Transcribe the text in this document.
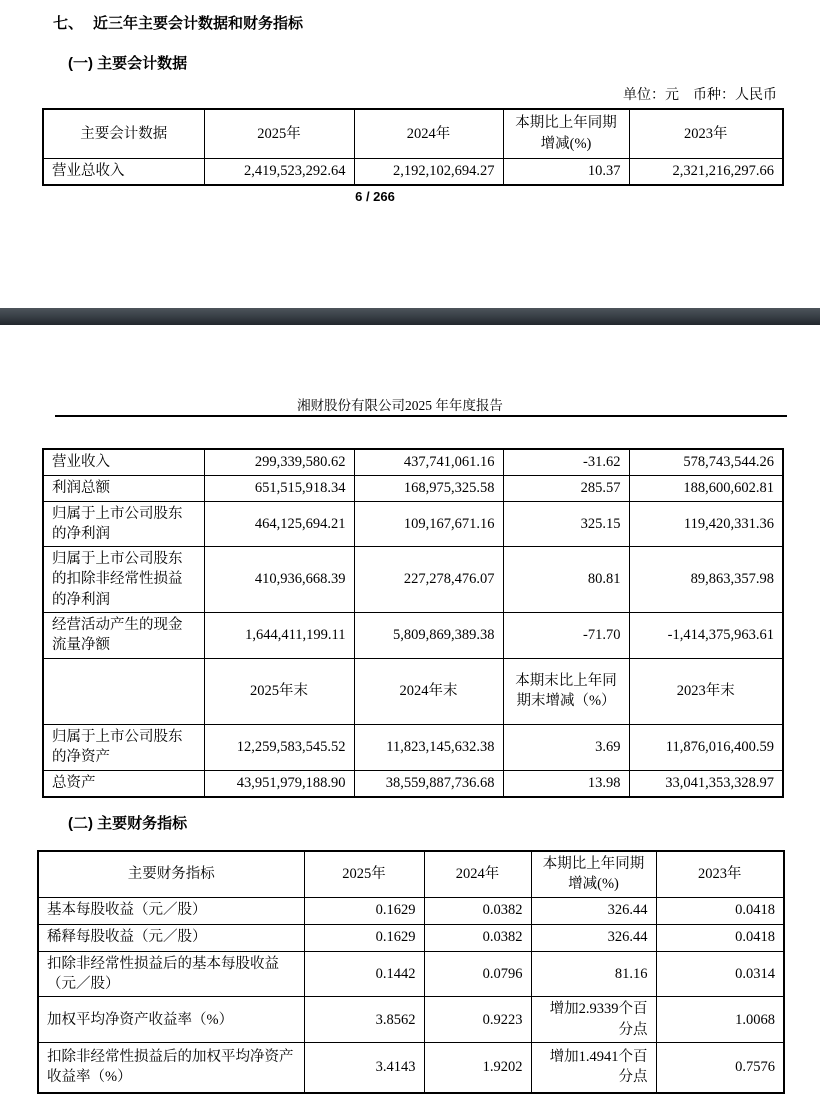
七、 近三年主要会计数据和财务指标
(一) 主要会计数据
单位：元　币种：人民币
主要会计数据	2025年	2024年	本期比上年同期增减(%)	2023年
营业总收入	2,419,523,292.64	2,192,102,694.27	10.37	2,321,216,297.66
6 / 266
湘财股份有限公司2025 年年度报告
营业收入	299,339,580.62	437,741,061.16	-31.62	578,743,544.26
利润总额	651,515,918.34	168,975,325.58	285.57	188,600,602.81
归属于上市公司股东的净利润	464,125,694.21	109,167,671.16	325.15	119,420,331.36
归属于上市公司股东的扣除非经常性损益的净利润	410,936,668.39	227,278,476.07	80.81	89,863,357.98
经营活动产生的现金流量净额	1,644,411,199.11	5,809,869,389.38	-71.70	-1,414,375,963.61
	2025年末	2024年末	本期末比上年同期末增减（%）	2023年末
归属于上市公司股东的净资产	12,259,583,545.52	11,823,145,632.38	3.69	11,876,016,400.59
总资产	43,951,979,188.90	38,559,887,736.68	13.98	33,041,353,328.97
(二) 主要财务指标
主要财务指标	2025年	2024年	本期比上年同期增减(%)	2023年
基本每股收益（元／股）	0.1629	0.0382	326.44	0.0418
稀释每股收益（元／股）	0.1629	0.0382	326.44	0.0418
扣除非经常性损益后的基本每股收益（元／股）	0.1442	0.0796	81.16	0.0314
加权平均净资产收益率（%）	3.8562	0.9223	增加2.9339个百分点	1.0068
扣除非经常性损益后的加权平均净资产收益率（%）	3.4143	1.9202	增加1.4941个百分点	0.7576
